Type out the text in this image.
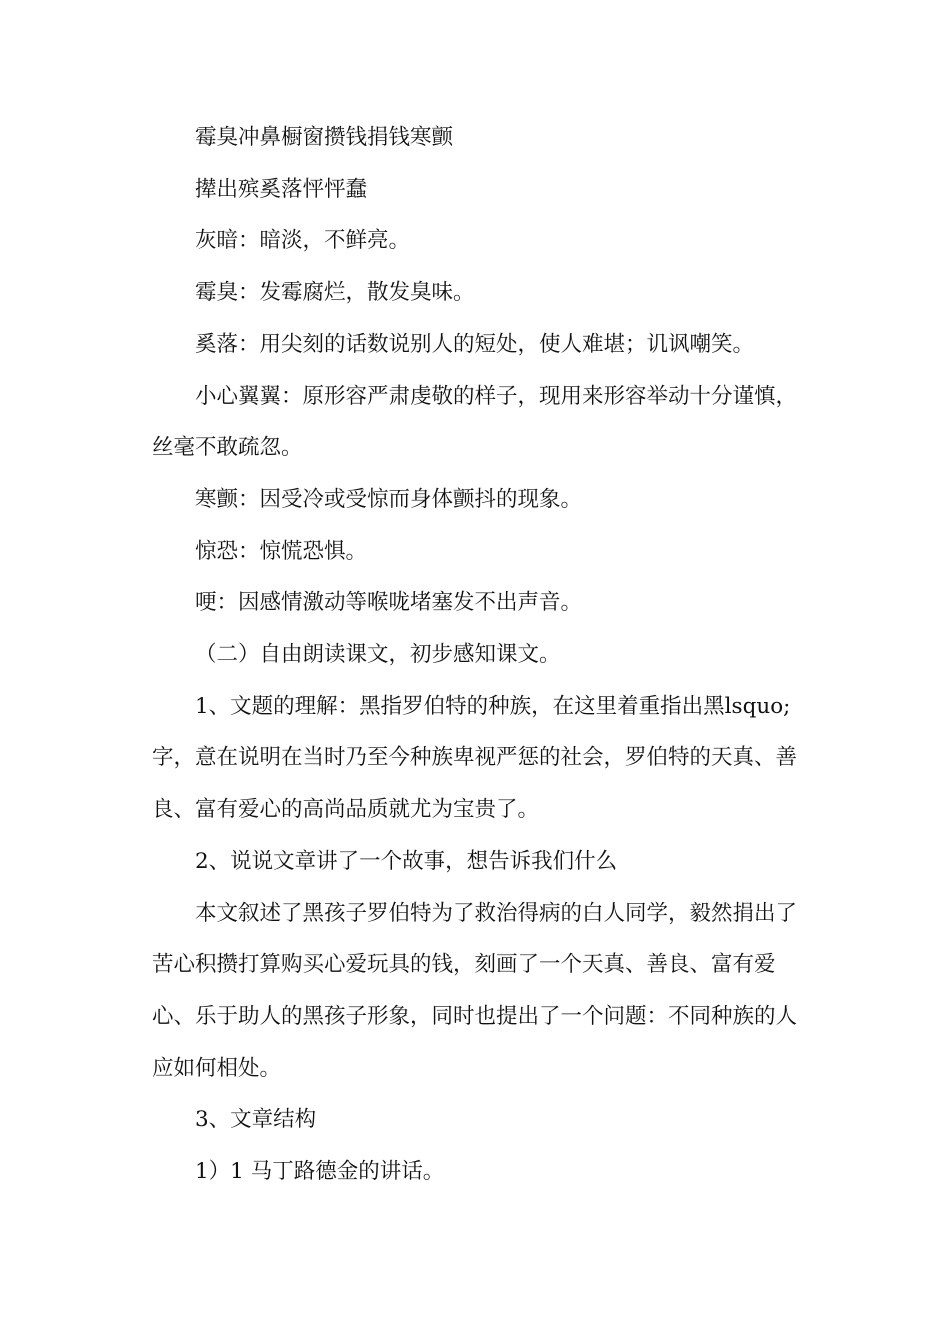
霉臭冲鼻橱窗攒钱捐钱寒颤

撵出殡奚落怦怦蠢

灰暗：暗淡，不鲜亮。

霉臭：发霉腐烂，散发臭味。

奚落：用尖刻的话数说别人的短处，使人难堪；讥讽嘲笑。

小心翼翼：原形容严肃虔敬的样子，现用来形容举动十分谨慎，丝毫不敢疏忽。

寒颤：因受冷或受惊而身体颤抖的现象。

惊恐：惊慌恐惧。

哽：因感情激动等喉咙堵塞发不出声音。

（二）自由朗读课文，初步感知课文。

1、文题的理解：黑指罗伯特的种族，在这里着重指出黑lsquo;字，意在说明在当时乃至今种族卑视严惩的社会，罗伯特的天真、善良、富有爱心的高尚品质就尤为宝贵了。

2、说说文章讲了一个故事，想告诉我们什么

本文叙述了黑孩子罗伯特为了救治得病的白人同学，毅然捐出了苦心积攒打算购买心爱玩具的钱，刻画了一个天真、善良、富有爱心、乐于助人的黑孩子形象，同时也提出了一个问题：不同种族的人应如何相处。

3、文章结构

1）1 马丁路德金的讲话。
